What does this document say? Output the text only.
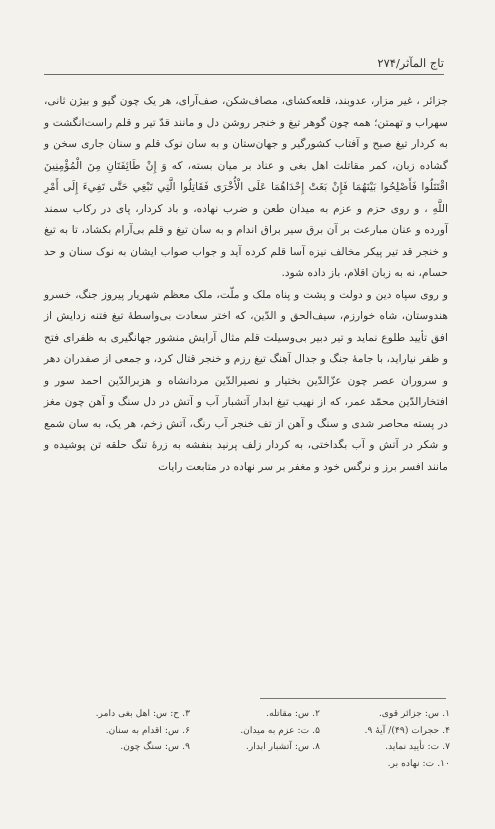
تاج المآثر/۲۷۴

جزائر ، غیر مزار، عدوبند، قلعه‌کشای، مصاف‌شکن، صف‌آرای، هر یک چون گیو و بیژن ثانی، سهراب و تهمتن؛ همه چون گوهر تیغ و خنجر روشن دل و مانند قدّ تیر و قلم راست‌انگشت و به کردار تیغ صبح و آفتاب کشورگیر و جهان‌ستان و به سان نوک قلم و سنان جاری سخن و گشاده زبان، کمر مقاتلت اهل بغی و عناد بر میان بسته، که وَ إِنْ طَائِفَتَانِ مِنَ الْمُؤْمِنِينَ اقْتَتَلُوا فَأَصْلِحُوا بَيْنَهُمَا فَإِنْ بَغَتْ إِحْدَاهُمَا عَلَى الْأُخْرَى فَقَاتِلُوا الَّتِي تَبْغِي حَتَّى تَفِيءَ إِلَى أَمْرِ اللَّهِ ، و روی حزم و عزم به میدان طعن و ضرب نهاده، و باد کردار، پای در رکاب سمند آورده و عنان مبارعت بر آن برق سیر براق اندام و به سان تیغ و قلم بی‌آرام بکشاد، تا به تیغ و خنجر قد تیر پیکر مخالف نیزه آسا قلم کرده آید و جواب صواب ایشان به نوک سنان و حد حسام، نه به زبان اقلام، باز داده شود.

و روی سپاه دین و دولت و پشت و پناه ملک و ملّت، ملک معظم شهریار پیروز جنگ، خسرو هندوستان، شاه خوارزم، سیف‌الحق و الدّین، که اختر سعادت بی‌واسطهٔ تیغ فتنه زدایش از افق تأیید طلوع نماید و تیر دبیر بی‌وسیلت قلم مثال آرایش منشور جهانگیری به ظفرای فتح و ظفر نیاراید، با جامهٔ جنگ و جدال آهنگ تیغ رزم و خنجر قتال کرد، و جمعی از صفدران دهر و سروران عصر چون عزّالدّین بختیار و نصیرالدّین مردانشاه و هزبرالدّین احمد سور و افتخارالدّین محمّد عمر، که از نهیب تیغ ابدار آتشبار آب و آتش در دل سنگ و آهن چون مغز در پسته محاصر شدی و سنگ و آهن از تف خنجر آب رنگ، آتش زخم، هر یک، به سان شمع و شکر در آتش و آب بگداختی، به کردار زلف پرنید بنفشه به زرهٔ تنگ حلقه تن پوشیده و مانند افسر برز و نرگس خود و مغفر بر سر نهاده در متابعت رایات

۱. س: جزائر قوی.
۲. س: مقاتله.
۳. ح: س: اهل بغی دامر.
۴. حجرات (۴۹)/ آیهٔ ۹.
۵. ت: عزم به میدان.
۶. س: اقدام به سنان.
۷. ت: تأیید نماید.
۸. س: آتشبار ابدار.
۹. س: سنگ چون.
۱۰. ت: نهاده بر.
